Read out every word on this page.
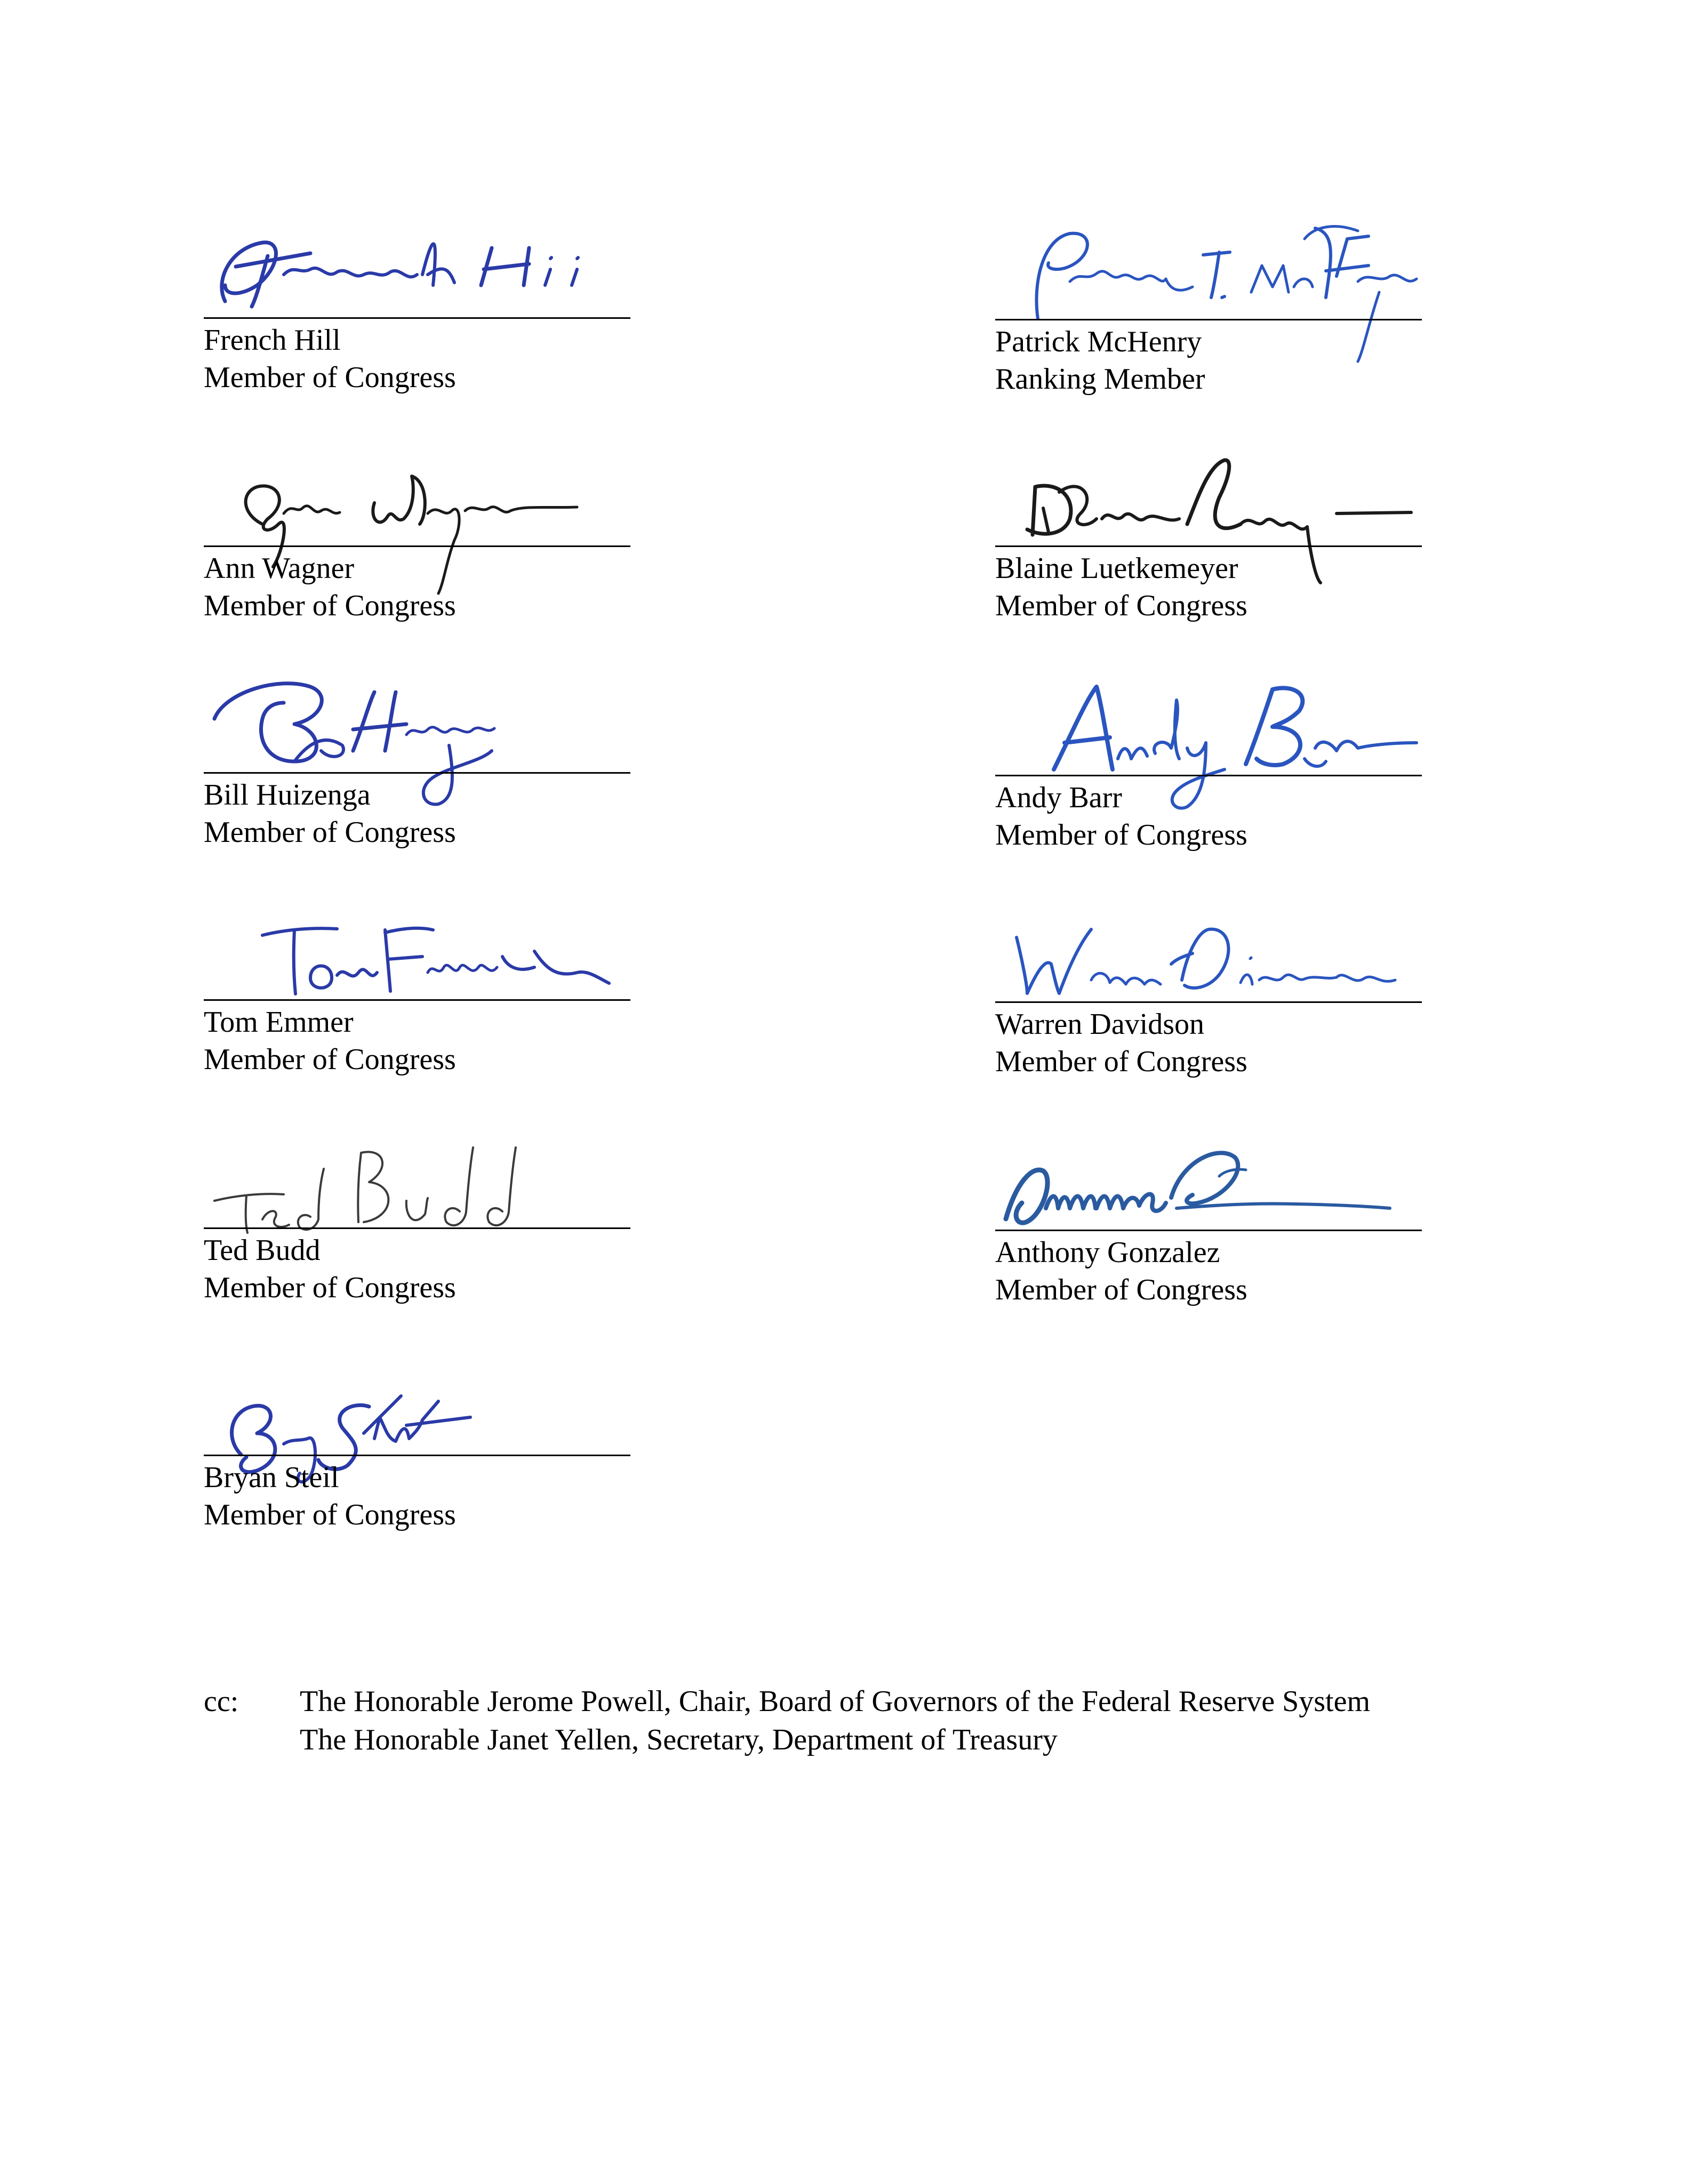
French Hill
Member of Congress
Patrick McHenry
Ranking Member
Ann Wagner
Member of Congress
Blaine Luetkemeyer
Member of Congress
Bill Huizenga
Member of Congress
Andy Barr
Member of Congress
Tom Emmer
Member of Congress
Warren Davidson
Member of Congress
Ted Budd
Member of Congress
Anthony Gonzalez
Member of Congress
Bryan Steil
Member of Congress
cc: The Honorable Jerome Powell, Chair, Board of Governors of the Federal Reserve System
The Honorable Janet Yellen, Secretary, Department of Treasury
